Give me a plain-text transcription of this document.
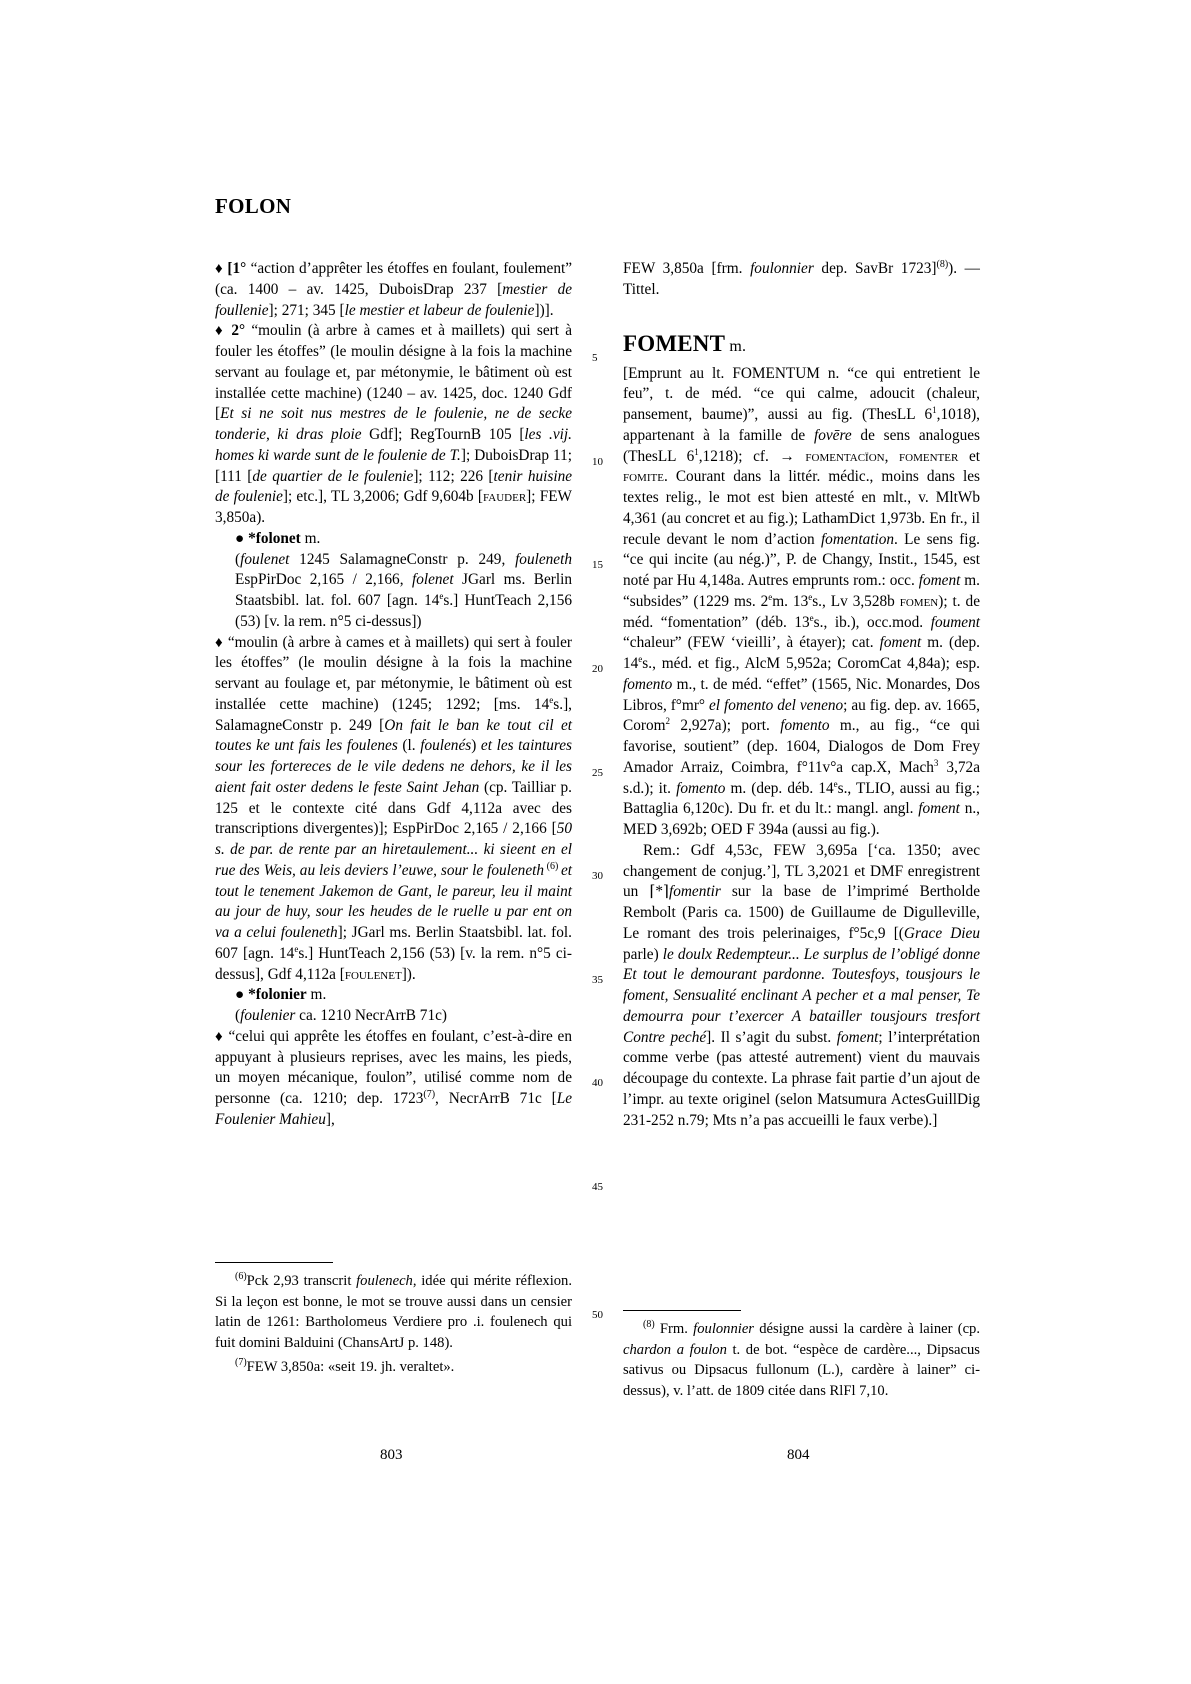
FOLON

♦ [1° “action d’apprêter les étoffes en foulant, foulement” (ca. 1400 – av. 1425, DuboisDrap 237 [mestier de foullenie]; 271; 345 [le mestier et labeur de foulenie])].

♦ 2° “moulin (à arbre à cames et à maillets) qui sert à fouler les étoffes” (le moulin désigne à la fois la machine servant au foulage et, par métonymie, le bâtiment où est installée cette machine) (1240 – av. 1425, doc. 1240 Gdf [Et si ne soit nus mestres de le foulenie, ne de secke tonderie, ki dras ploie Gdf]; RegTournB 105 [les .vij. homes ki warde sunt de le foulenie de T.]; DuboisDrap 11; [111 [de quartier de le foulenie]; 112; 226 [tenir huisine de foulenie]; etc.], TL 3,2006; Gdf 9,604b [fauder]; FEW 3,850a).

● *folonet m.

(foulenet 1245 SalamagneConstr p. 249, fouleneth EspPirDoc 2,165 / 2,166, folenet JGarl ms. Berlin Staatsbibl. lat. fol. 607 [agn. 14es.] HuntTeach 2,156 (53) [v. la rem. n°5 ci-dessus])

♦ “moulin (à arbre à cames et à maillets) qui sert à fouler les étoffes” (le moulin désigne à la fois la machine servant au foulage et, par métonymie, le bâtiment où est installée cette machine) (1245; 1292; [ms. 14es.], SalamagneConstr p. 249 [On fait le ban ke tout cil et toutes ke unt fais les foulenes (l. foulenés) et les taintures sour les fortereces de le vile dedens ne dehors, ke il les aient fait oster dedens le feste Saint Jehan (cp. Tailliar p. 125 et le contexte cité dans Gdf 4,112a avec des transcriptions divergentes)]; EspPirDoc 2,165 / 2,166 [50 s. de par. de rente par an hiretaulement... ki sieent en el rue des Weis, au leis deviers l’euwe, sour le fouleneth $^{(6)}$ et tout le tenement Jakemon de Gant, le pareur, leu il maint au jour de huy, sour les heudes de le ruelle u par ent on va a celui fouleneth]; JGarl ms. Berlin Staatsbibl. lat. fol. 607 [agn. 14es.] HuntTeach 2,156 (53) [v. la rem. n°5 ci-dessus], Gdf 4,112a [foulenet]).

● *folonier m.

(foulenier ca. 1210 NecrArrB 71c)

♦ “celui qui apprête les étoffes en foulant, c’est-à-dire en appuyant à plusieurs reprises, avec les mains, les pieds, un moyen mécanique, foulon”, utilisé comme nom de personne (ca. 1210; dep. 1723$^{(7)}$, NecrArrB 71c [Le Foulenier Mahieu],

$^{(6)}$Pck 2,93 transcrit foulenech, idée qui mérite réflexion. Si la leçon est bonne, le mot se trouve aussi dans un censier latin de 1261: Bartholomeus Verdiere pro .i. foulenech qui fuit domini Balduini (ChansArtJ p. 148).

$^{(7)}$FEW 3,850a: «seit 19. jh. veraltet».

FEW 3,850a [frm. foulonnier dep. SavBr 1723]$^{(8)}$). — Tittel.

FOMENT m.

[Emprunt au lt. FOMENTUM n. “ce qui entretient le feu”, t. de méd. “ce qui calme, adoucit (chaleur, pansement, baume)”, aussi au fig. (ThesLL $6^1,1018$), appartenant à la famille de fovēre de sens analogues (ThesLL $6^1,1218$); cf. → fomentacïon, fomenter et fomite. Courant dans la littér. médic., moins dans les textes relig., le mot est bien attesté en mlt., v. MltWb 4,361 (au concret et au fig.); LathamDict 1,973b. En fr., il recule devant le nom d’action fomentation. Le sens fig. “ce qui incite (au nég.)”, P. de Changy, Instit., 1545, est noté par Hu 4,148a. Autres emprunts rom.: occ. foment m. “subsides” (1229 ms. 2em. 13es., Lv 3,528b fomen); t. de méd. “fomentation” (déb. 13es., ib.), occ.mod. foument “chaleur” (FEW ‘vieilli’, à étayer); cat. foment m. (dep. 14es., méd. et fig., AlcM 5,952a; CoromCat 4,84a); esp. fomento m., t. de méd. “effet” (1565, Nic. Monardes, Dos Libros, f°mr° el fomento del veneno; au fig. dep. av. 1665, Corom$^2$ 2,927a); port. fomento m., au fig., “ce qui favorise, soutient” (dep. 1604, Dialogos de Dom Frey Amador Arraiz, Coimbra, f°11v°a cap.X, Mach$^3$ 3,72a s.d.); it. fomento m. (dep. déb. 14es., TLIO, aussi au fig.; Battaglia 6,120c). Du fr. et du lt.: mangl. angl. foment n., MED 3,692b; OED F 394a (aussi au fig.).

Rem.: Gdf 4,53c, FEW 3,695a [‘ca. 1350; avec changement de conjug.’], TL 3,2021 et DMF enregistrent un ⌈*⌉fomentir sur la base de l’imprimé Bertholde Rembolt (Paris ca. 1500) de Guillaume de Digulleville, Le romant des trois pelerinaiges, f°5c,9 [(Grace Dieu parle) le doulx Redempteur... Le surplus de l’obligé donne Et tout le demourant pardonne. Toutesfoys, tousjours le foment, Sensualité enclinant A pecher et a mal penser, Te demourra pour t’exercer A batailler tousjours tresfort Contre peché]. Il s’agit du subst. foment; l’interprétation comme verbe (pas attesté autrement) vient du mauvais découpage du contexte. La phrase fait partie d’un ajout de l’impr. au texte originel (selon Matsumura ActesGuillDig 231-252 n.79; Mts n’a pas accueilli le faux verbe).]

$^{(8)}$ Frm. foulonnier désigne aussi la cardère à lainer (cp. chardon a foulon t. de bot. “espèce de cardère..., Dipsacus sativus ou Dipsacus fullonum (L.), cardère à lainer” ci-dessus), v. l’att. de 1809 citée dans RlFl 7,10.

5
10
15
20
25
30
35
40
45
50
803	804
